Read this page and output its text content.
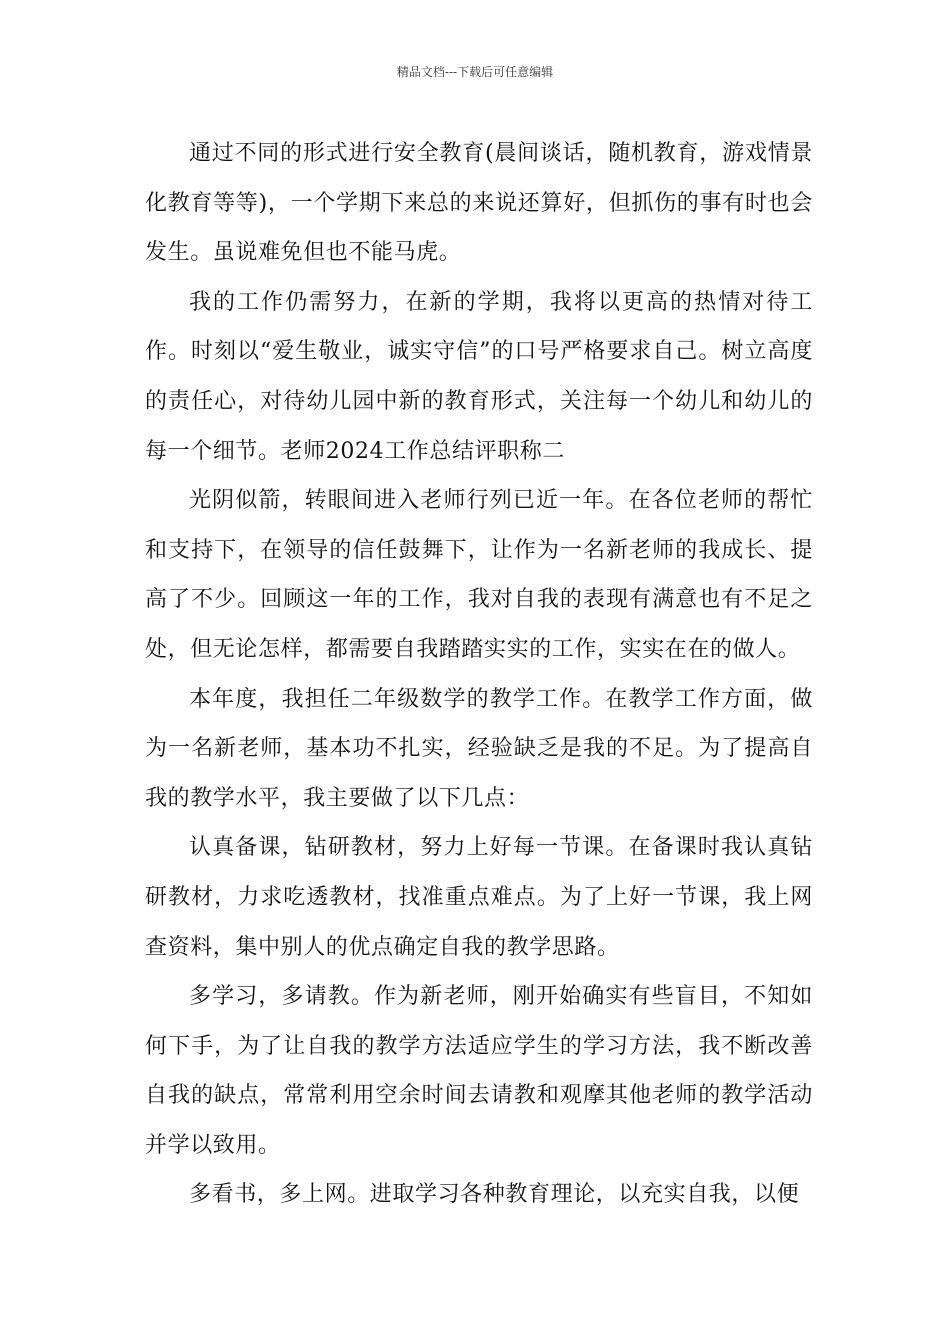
精品文档---下载后可任意编辑

通过不同的形式进行安全教育(晨间谈话，随机教育，游戏情景化教育等等)，一个学期下来总的来说还算好，但抓伤的事有时也会发生。虽说难免但也不能马虎。

我的工作仍需努力，在新的学期，我将以更高的热情对待工作。时刻以“爱生敬业，诚实守信”的口号严格要求自己。树立高度的责任心，对待幼儿园中新的教育形式，关注每一个幼儿和幼儿的每一个细节。老师2024工作总结评职称二

光阴似箭，转眼间进入老师行列已近一年。在各位老师的帮忙和支持下，在领导的信任鼓舞下，让作为一名新老师的我成长、提高了不少。回顾这一年的工作，我对自我的表现有满意也有不足之处，但无论怎样，都需要自我踏踏实实的工作，实实在在的做人。

本年度，我担任二年级数学的教学工作。在教学工作方面，做为一名新老师，基本功不扎实，经验缺乏是我的不足。为了提高自我的教学水平，我主要做了以下几点：

认真备课，钻研教材，努力上好每一节课。在备课时我认真钻研教材，力求吃透教材，找准重点难点。为了上好一节课，我上网查资料，集中别人的优点确定自我的教学思路。

多学习，多请教。作为新老师，刚开始确实有些盲目，不知如何下手，为了让自我的教学方法适应学生的学习方法，我不断改善自我的缺点，常常利用空余时间去请教和观摩其他老师的教学活动并学以致用。

多看书，多上网。进取学习各种教育理论，以充实自我，以便
